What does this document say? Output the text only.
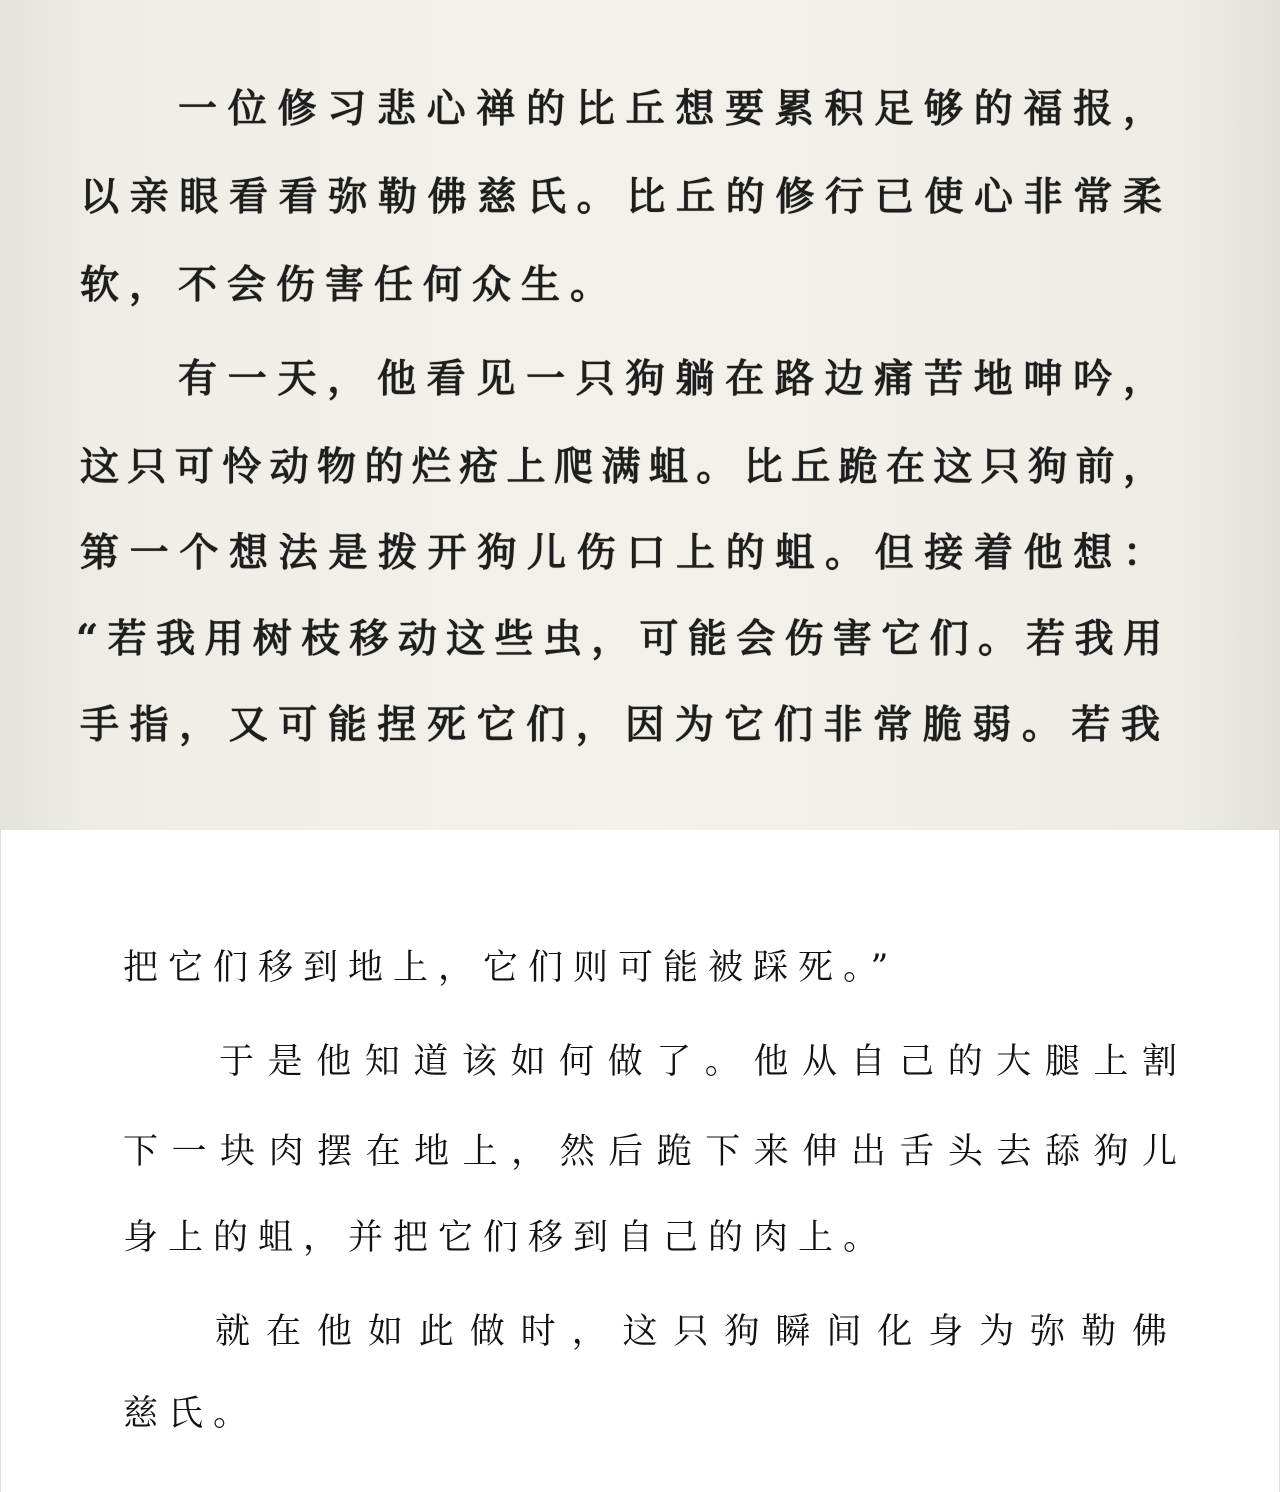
一位修习悲心禅的比丘想要累积足够的福报，
以亲眼看看弥勒佛慈氏。比丘的修行已使心非常柔
软，不会伤害任何众生。
有一天，他看见一只狗躺在路边痛苦地呻吟，
这只可怜动物的烂疮上爬满蛆。比丘跪在这只狗前，
第一个想法是拨开狗儿伤口上的蛆。但接着他想：
“若我用树枝移动这些虫，可能会伤害它们。若我用
手指，又可能捏死它们，因为它们非常脆弱。若我
把它们移到地上，它们则可能被踩死。”
于是他知道该如何做了。他从自己的大腿上割
下一块肉摆在地上，然后跪下来伸出舌头去舔狗儿
身上的蛆，并把它们移到自己的肉上。
就在他如此做时，这只狗瞬间化身为弥勒佛
慈氏。
